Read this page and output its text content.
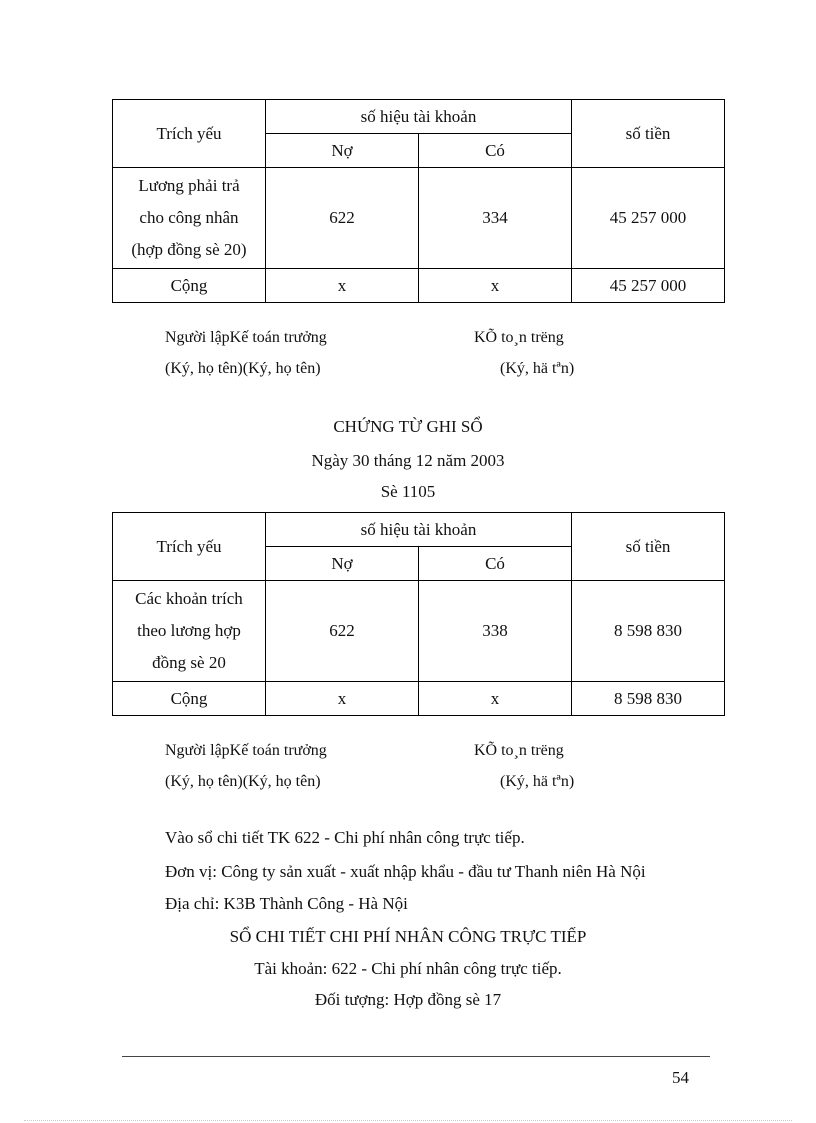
Trích yếu	số hiệu tài khoản		số tiền
	Nợ	Có	

Lương phải trả
cho công nhân
(hợp đồng sè 20)	622	334	45 257 000
Cộng	x	x	45 257 000
Người lậpKế toán trưởng	KÕ to¸n trëng
(Ký, họ tên)(Ký, họ tên)	(Ký, hä tªn)
CHỨNG TỪ GHI SỔ
Ngày 30 tháng 12 năm 2003
Sè 1105
Trích yếu	số hiệu tài khoản		số tiền
	Nợ	Có	

Các khoản trích
theo lương hợp
đồng sè 20	622	338	8 598 830
Cộng	x	x	8 598 830
Người lậpKế toán trưởng	KÕ to¸n trëng
(Ký, họ tên)(Ký, họ tên)	(Ký, hä tªn)
Vào sổ chi tiết TK 622 - Chi phí nhân công trực tiếp.
Đơn vị: Công ty sản xuất - xuất nhập khẩu - đầu tư Thanh niên Hà Nội
Địa chỉ: K3B Thành Công - Hà Nội
SỔ CHI TIẾT CHI PHÍ NHÂN CÔNG TRỰC TIẾP
Tài khoản: 622 - Chi phí nhân công trực tiếp.
Đối tượng: Hợp đồng sè 17
54
